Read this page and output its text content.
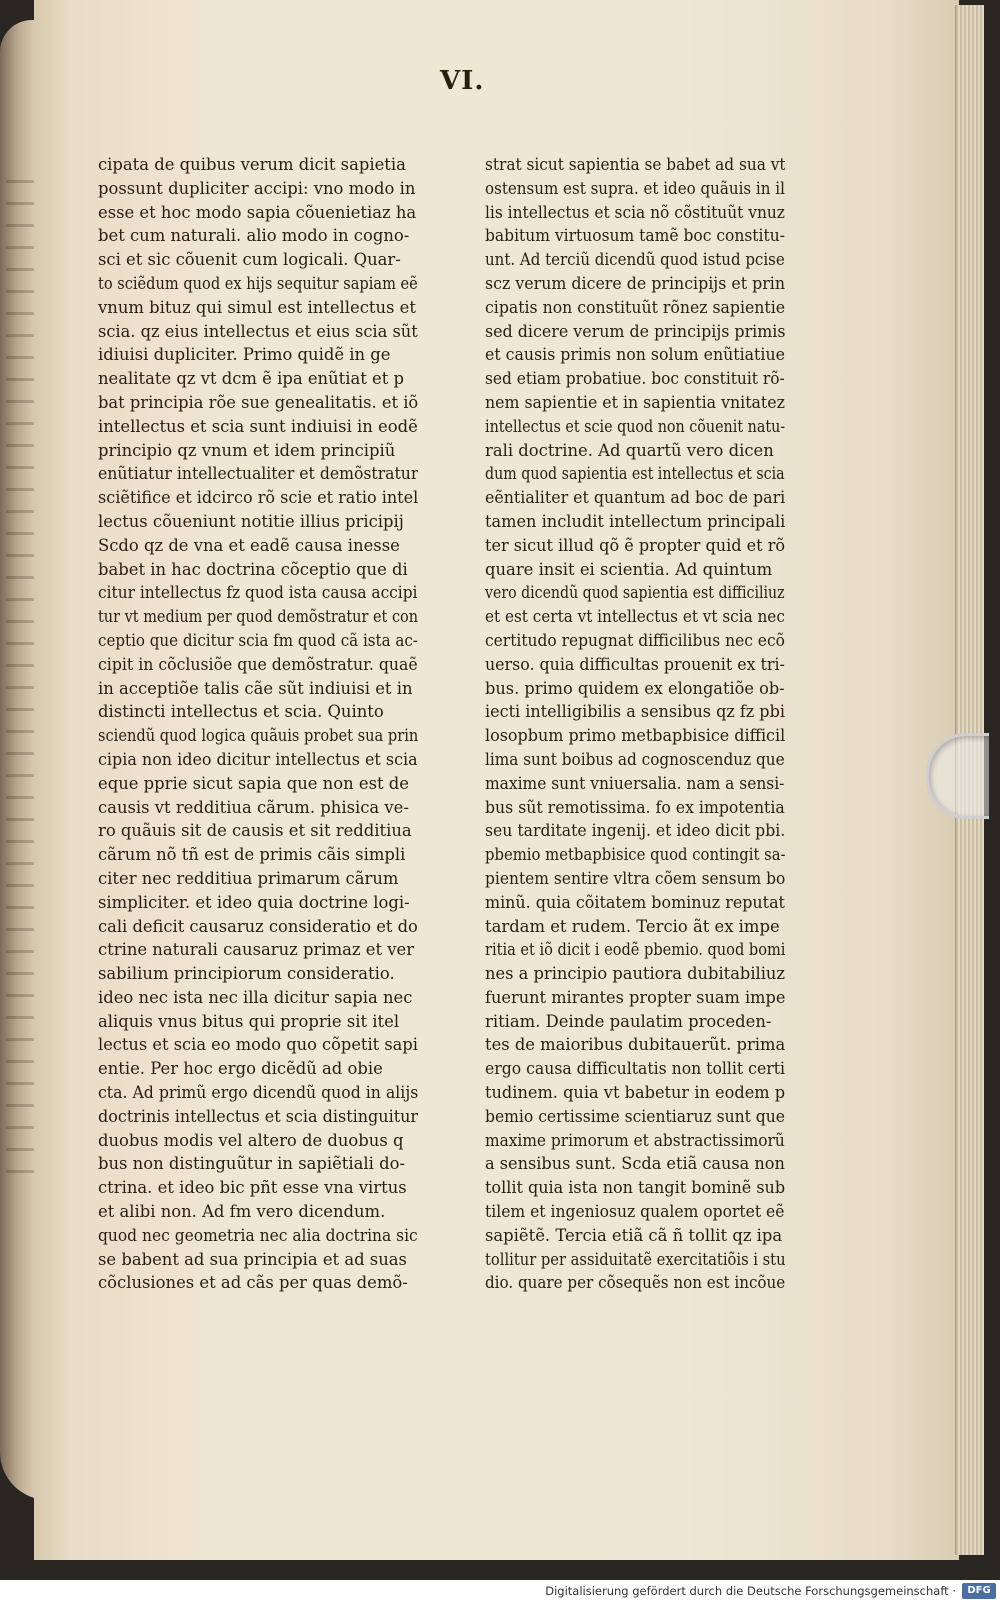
VI.
cipata de quibus verum dicit sapietia
possunt dupliciter accipi: vno modo in
esse et hoc modo sapia cõuenietiaz ha
bet cum naturali. alio modo in cogno-
sci et sic cõuenit cum logicali. Quar-
to sciẽdum quod ex hijs sequitur sapiam eẽ
vnum bituz qui simul est intellectus et
scia. qz eius intellectus et eius scia sũt
idiuisi dupliciter. Primo quidẽ in ge
nealitate qz vt dcm ẽ ipa enũtiat et p
bat principia rõe sue genealitatis. et iõ
intellectus et scia sunt indiuisi in eodẽ
principio qz vnum et idem principiũ
enũtiatur intellectualiter et demõstratur
sciẽtifice et idcirco rõ scie et ratio intel
lectus cõueniunt notitie illius pricipij
Scdo qz de vna et eadẽ causa inesse
babet in hac doctrina cõceptio que di
citur intellectus fz quod ista causa accipi
tur vt medium per quod demõstratur et con
ceptio que dicitur scia fm quod cã ista ac-
cipit in cõclusiõe que demõstratur. quaẽ
in acceptiõe talis cãe sũt indiuisi et in
distincti intellectus et scia. Quinto
sciendũ quod logica quãuis probet sua prin
cipia non ideo dicitur intellectus et scia
eque pprie sicut sapia que non est de
causis vt redditiua cãrum. phisica ve-
ro quãuis sit de causis et sit redditiua
cãrum nõ tñ est de primis cãis simpli
citer nec redditiua primarum cãrum
simpliciter. et ideo quia doctrine logi-
cali deficit causaruz consideratio et do
ctrine naturali causaruz primaz et ver
sabilium principiorum consideratio.
ideo nec ista nec illa dicitur sapia nec
aliquis vnus bitus qui proprie sit itel
lectus et scia eo modo quo cõpetit sapi
entie. Per hoc ergo dicẽdũ ad obie
cta. Ad primũ ergo dicendũ quod in alijs
doctrinis intellectus et scia distinguitur
duobus modis vel altero de duobus q
bus non distinguũtur in sapiẽtiali do-
ctrina. et ideo bic pñt esse vna virtus
et alibi non. Ad fm vero dicendum.
quod nec geometria nec alia doctrina sic
se babent ad sua principia et ad suas
cõclusiones et ad cãs per quas demõ-
strat sicut sapientia se babet ad sua vt
ostensum est supra. et ideo quãuis in il
lis intellectus et scia nõ cõstituũt vnuz
babitum virtuosum tamẽ boc constitu-
unt. Ad terciũ dicendũ quod istud pcise
scz verum dicere de principijs et prin
cipatis non constituũt rõnez sapientie
sed dicere verum de principijs primis
et causis primis non solum enũtiatiue
sed etiam probatiue. boc constituit rõ-
nem sapientie et in sapientia vnitatez
intellectus et scie quod non cõuenit natu-
rali doctrine. Ad quartũ vero dicen
dum quod sapientia est intellectus et scia
eẽntialiter et quantum ad boc de pari
tamen includit intellectum principali
ter sicut illud qõ ẽ propter quid et rõ
quare insit ei scientia. Ad quintum
vero dicendũ quod sapientia est difficiliuz
et est certa vt intellectus et vt scia nec
certitudo repugnat difficilibus nec ecõ
uerso. quia difficultas prouenit ex tri-
bus. primo quidem ex elongatiõe ob-
iecti intelligibilis a sensibus qz fz pbi
losopbum primo metbapbisice difficil
lima sunt boibus ad cognoscenduz que
maxime sunt vniuersalia. nam a sensi-
bus sũt remotissima. fo ex impotentia
seu tarditate ingenij. et ideo dicit pbi.
pbemio metbapbisice quod contingit sa-
pientem sentire vltra cõem sensum bo
minũ. quia cõitatem bominuz reputat
tardam et rudem. Tercio ãt ex impe
ritia et iõ dicit i eodẽ pbemio. quod bomi
nes a principio pautiora dubitabiliuz
fuerunt mirantes propter suam impe
ritiam. Deinde paulatim proceden-
tes de maioribus dubitauerũt. prima
ergo causa difficultatis non tollit certi
tudinem. quia vt babetur in eodem p
bemio certissime scientiaruz sunt que
maxime primorum et abstractissimorũ
a sensibus sunt. Scda etiã causa non
tollit quia ista non tangit bominẽ sub
tilem et ingeniosuz qualem oportet eẽ
sapiẽtẽ. Tercia etiã cã ñ tollit qz ipa
tollitur per assiduitatẽ exercitatiõis i stu
dio. quare per cõsequẽs non est incõue
Digitalisierung gefördert durch die Deutsche Forschungsgemeinschaft ·	DFG
